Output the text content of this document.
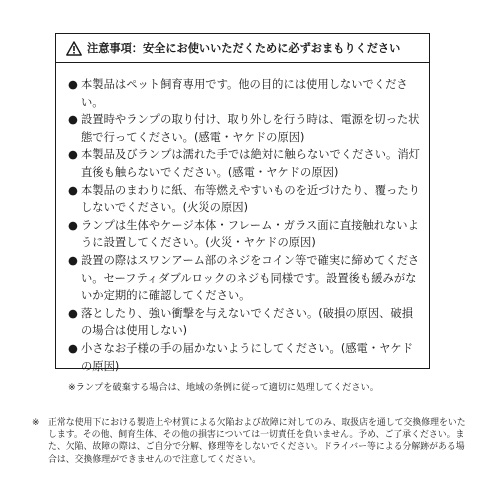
注意事項：安全にお使いいただくために必ずおまもりください
● 本製品はペット飼育専用です。他の目的には使用しないでください。
● 設置時やランプの取り付け、取り外しを行う時は、電源を切った状態で行ってください。(感電・ヤケドの原因)
● 本製品及びランプは濡れた手では絶対に触らないでください。消灯直後も触らないでください。(感電・ヤケドの原因)
● 本製品のまわりに紙、布等燃えやすいものを近づけたり、覆ったりしないでください。(火災の原因)
● ランプは生体やケージ本体・フレーム・ガラス面に直接触れないように設置してください。(火災・ヤケドの原因)
● 設置の際はスワンアーム部のネジをコイン等で確実に締めてください。セーフティダブルロックのネジも同様です。設置後も緩みがないか定期的に確認してください。
● 落としたり、強い衝撃を与えないでください。(破損の原因、破損の場合は使用しない)
● 小さなお子様の手の届かないようにしてください。(感電・ヤケドの原因)
※ランプを破棄する場合は、地域の条例に従って適切に処理してください。
※ 正常な使用下における製造上や材質による欠陥および故障に対してのみ、取扱店を通して交換修理をいたします。その他、飼育生体、その他の損害については一切責任を負いません。予め、ご了承ください。また、欠陥、故障の際は、ご自分で分解、修理等をしないでください。ドライバー等による分解跡がある場合は、交換修理ができませんので注意してください。
